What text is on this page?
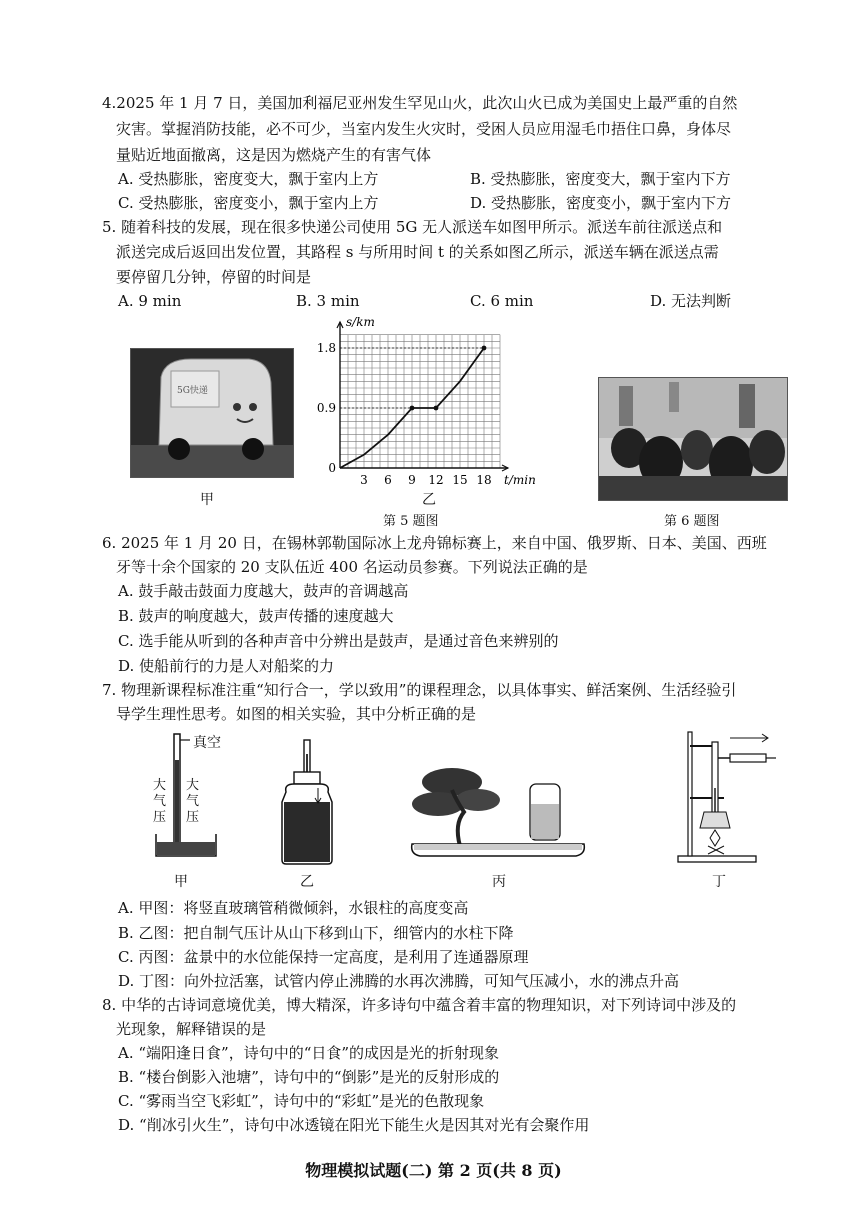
4.2025 年 1 月 7 日，美国加利福尼亚州发生罕见山火，此次山火已成为美国史上最严重的自然
灾害。掌握消防技能，必不可少，当室内发生火灾时，受困人员应用湿毛巾捂住口鼻，身体尽
量贴近地面撤离，这是因为燃烧产生的有害气体
A. 受热膨胀，密度变大，飘于室内上方	B. 受热膨胀，密度变大，飘于室内下方
C. 受热膨胀，密度变小，飘于室内上方	D. 受热膨胀，密度变小，飘于室内下方
5. 随着科技的发展，现在很多快递公司使用 5G 无人派送车如图甲所示。派送车前往派送点和
派送完成后返回出发位置，其路程 s 与所用时间 t 的关系如图乙所示，派送车辆在派送点需
要停留几分钟，停留的时间是
A. 9 min	B. 3 min	C. 6 min	D. 无法判断
5G快递
甲
3 6 9 12 15 18
0
0.9
1.8
t/min
s/km
乙
第 5 题图	第 6 题图
6. 2025 年 1 月 20 日，在锡林郭勒国际冰上龙舟锦标赛上，来自中国、俄罗斯、日本、美国、西班
牙等十余个国家的 20 支队伍近 400 名运动员参赛。下列说法正确的是
A. 鼓手敲击鼓面力度越大，鼓声的音调越高
B. 鼓声的响度越大，鼓声传播的速度越大
C. 选手能从听到的各种声音中分辨出是鼓声，是通过音色来辨别的
D. 使船前行的力是人对船桨的力
7. 物理新课程标准注重“知行合一，学以致用”的课程理念，以具体事实、鲜活案例、生活经验引
导学生理性思考。如图的相关实验，其中分析正确的是
真空
大气压
大气压
甲	乙	丙	丁
A. 甲图：将竖直玻璃管稍微倾斜，水银柱的高度变高
B. 乙图：把自制气压计从山下移到山下，细管内的水柱下降
C. 丙图：盆景中的水位能保持一定高度，是利用了连通器原理
D. 丁图：向外拉活塞，试管内停止沸腾的水再次沸腾，可知气压减小，水的沸点升高
8. 中华的古诗词意境优美，博大精深，许多诗句中蕴含着丰富的物理知识，对下列诗词中涉及的
光现象，解释错误的是
A. “端阳逢日食”，诗句中的“日食”的成因是光的折射现象
B. “楼台倒影入池塘”，诗句中的“倒影”是光的反射形成的
C. “雾雨当空飞彩虹”，诗句中的“彩虹”是光的色散现象
D. “削冰引火生”，诗句中冰透镜在阳光下能生火是因其对光有会聚作用
物理模拟试题(二) 第 2 页(共 8 页)
